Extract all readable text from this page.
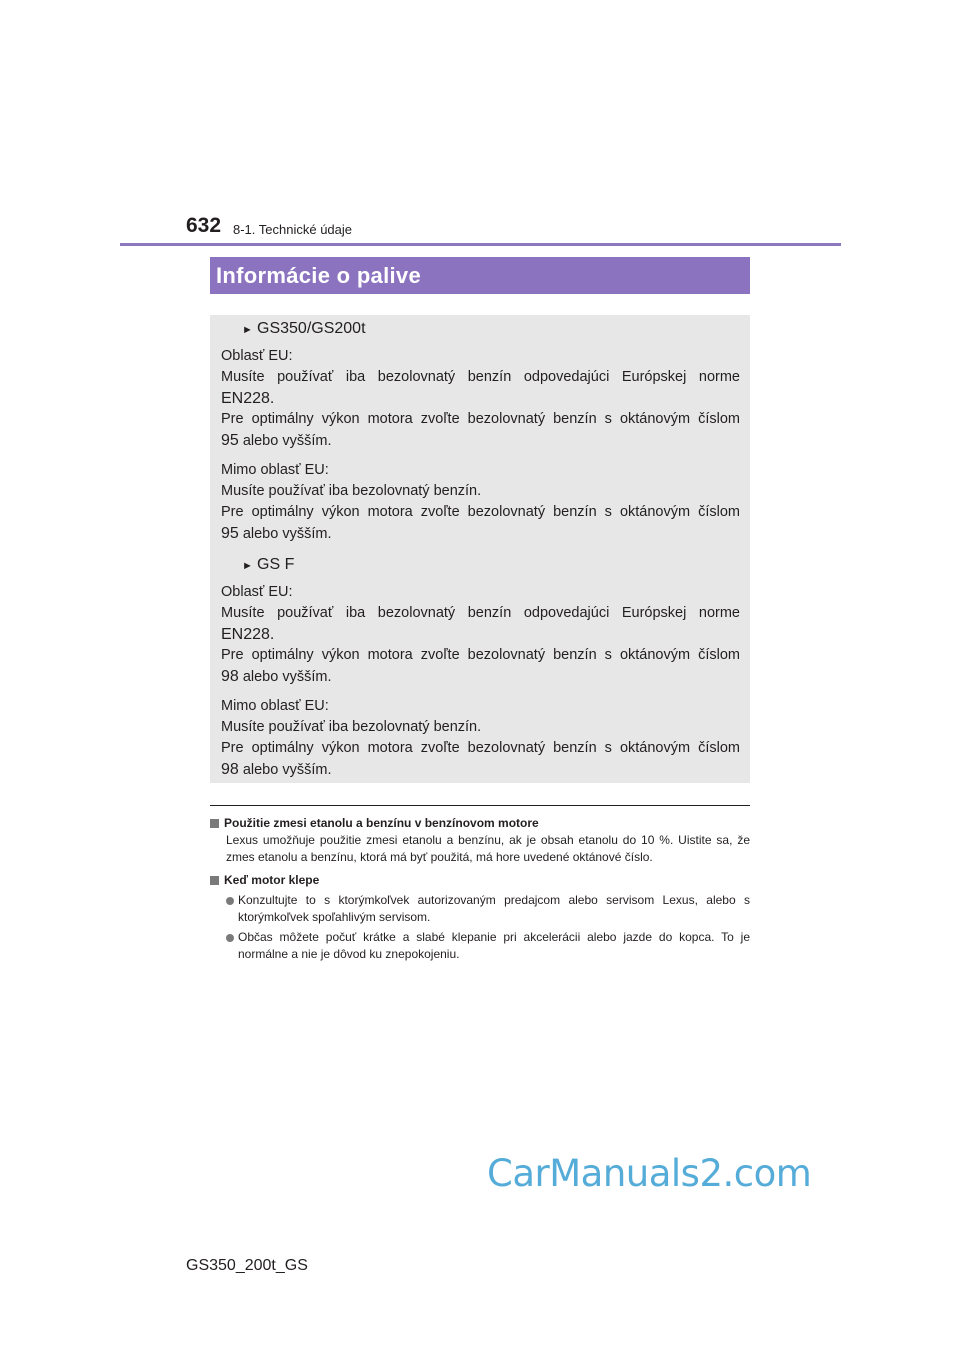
632 8-1. Technické údaje
Informácie o palive
► GS350/GS200t
Oblasť EU:
Musíte používať iba bezolovnatý benzín odpovedajúci Európskej norme
EN228.
Pre optimálny výkon motora zvoľte bezolovnatý benzín s oktánovým číslom
95 alebo vyšším.
Mimo oblasť EU:
Musíte používať iba bezolovnatý benzín.
Pre optimálny výkon motora zvoľte bezolovnatý benzín s oktánovým číslom
95 alebo vyšším.
► GS F
Oblasť EU:
Musíte používať iba bezolovnatý benzín odpovedajúci Európskej norme
EN228.
Pre optimálny výkon motora zvoľte bezolovnatý benzín s oktánovým číslom
98 alebo vyšším.
Mimo oblasť EU:
Musíte používať iba bezolovnatý benzín.
Pre optimálny výkon motora zvoľte bezolovnatý benzín s oktánovým číslom
98 alebo vyšším.
Použitie zmesi etanolu a benzínu v benzínovom motore
Lexus umožňuje použitie zmesi etanolu a benzínu, ak je obsah etanolu do 10 %. Uistite sa, že zmes etanolu a benzínu, ktorá má byť použitá, má hore uvedené oktánové číslo.
Keď motor klepe
Konzultujte to s ktorýmkoľvek autorizovaným predajcom alebo servisom Lexus, alebo s ktorýmkoľvek spoľahlivým servisom.
Občas môžete počuť krátke a slabé klepanie pri akcelerácii alebo jazde do kopca. To je normálne a nie je dôvod ku znepokojeniu.
CarManuals2.com
GS350_200t_GS
